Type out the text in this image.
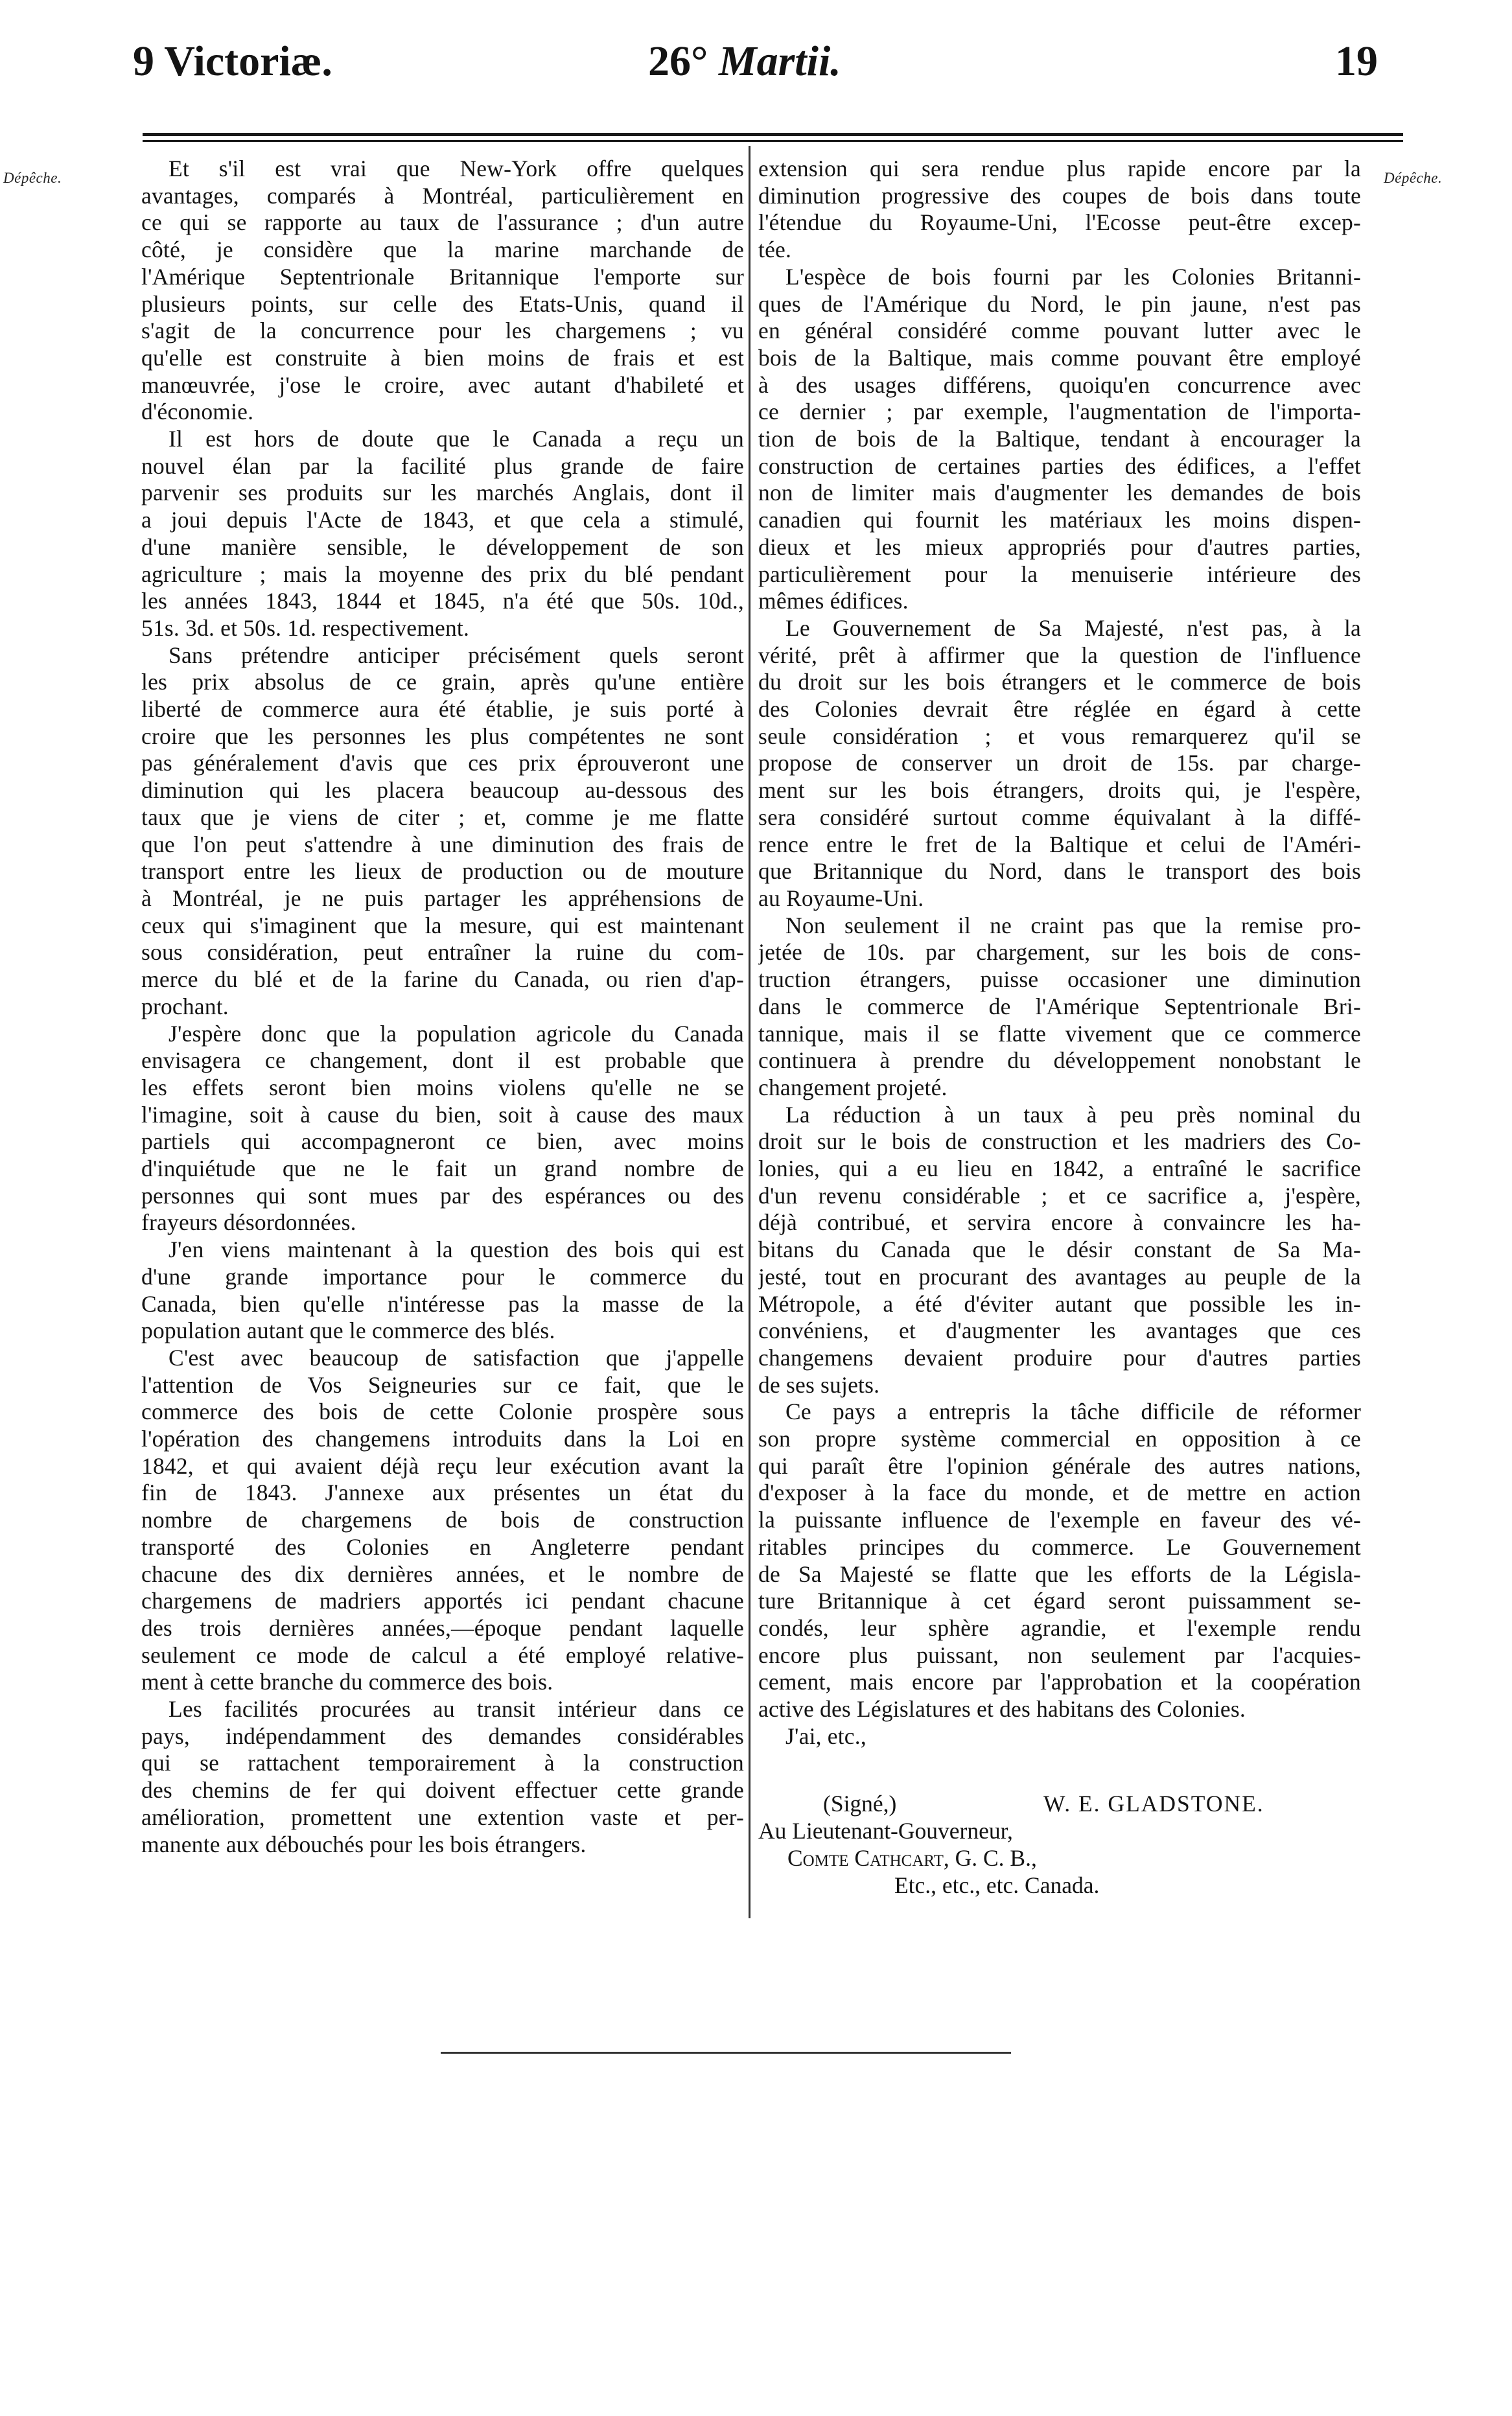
9 Victoriæ.	26° Martii.	19
Dépêche.	Dépêche.
Et s'il est vrai que New-York offre quelques
avantages, comparés à Montréal, particulièrement en
ce qui se rapporte au taux de l'assurance ; d'un autre
côté, je considère que la marine marchande de
l'Amérique Septentrionale Britannique l'emporte sur
plusieurs points, sur celle des Etats-Unis, quand il
s'agit de la concurrence pour les chargemens ; vu
qu'elle est construite à bien moins de frais et est
manœuvrée, j'ose le croire, avec autant d'habileté et
d'économie.
Il est hors de doute que le Canada a reçu un
nouvel élan par la facilité plus grande de faire
parvenir ses produits sur les marchés Anglais, dont il
a joui depuis l'Acte de 1843, et que cela a stimulé,
d'une manière sensible, le développement de son
agriculture ; mais la moyenne des prix du blé pendant
les années 1843, 1844 et 1845, n'a été que 50s. 10d.,
51s. 3d. et 50s. 1d. respectivement.
Sans prétendre anticiper précisément quels seront
les prix absolus de ce grain, après qu'une entière
liberté de commerce aura été établie, je suis porté à
croire que les personnes les plus compétentes ne sont
pas généralement d'avis que ces prix éprouveront une
diminution qui les placera beaucoup au-dessous des
taux que je viens de citer ; et, comme je me flatte
que l'on peut s'attendre à une diminution des frais de
transport entre les lieux de production ou de mouture
à Montréal, je ne puis partager les appréhensions de
ceux qui s'imaginent que la mesure, qui est maintenant
sous considération, peut entraîner la ruine du com-
merce du blé et de la farine du Canada, ou rien d'ap-
prochant.
J'espère donc que la population agricole du Canada
envisagera ce changement, dont il est probable que
les effets seront bien moins violens qu'elle ne se
l'imagine, soit à cause du bien, soit à cause des maux
partiels qui accompagneront ce bien, avec moins
d'inquiétude que ne le fait un grand nombre de
personnes qui sont mues par des espérances ou des
frayeurs désordonnées.
J'en viens maintenant à la question des bois qui est
d'une grande importance pour le commerce du
Canada, bien qu'elle n'intéresse pas la masse de la
population autant que le commerce des blés.
C'est avec beaucoup de satisfaction que j'appelle
l'attention de Vos Seigneuries sur ce fait, que le
commerce des bois de cette Colonie prospère sous
l'opération des changemens introduits dans la Loi en
1842, et qui avaient déjà reçu leur exécution avant la
fin de 1843. J'annexe aux présentes un état du
nombre de chargemens de bois de construction
transporté des Colonies en Angleterre pendant
chacune des dix dernières années, et le nombre de
chargemens de madriers apportés ici pendant chacune
des trois dernières années,—époque pendant laquelle
seulement ce mode de calcul a été employé relative-
ment à cette branche du commerce des bois.
Les facilités procurées au transit intérieur dans ce
pays, indépendamment des demandes considérables
qui se rattachent temporairement à la construction
des chemins de fer qui doivent effectuer cette grande
amélioration, promettent une extention vaste et per-
manente aux débouchés pour les bois étrangers.
extension qui sera rendue plus rapide encore par la
diminution progressive des coupes de bois dans toute
l'étendue du Royaume-Uni, l'Ecosse peut-être excep-
tée.
L'espèce de bois fourni par les Colonies Britanni-
ques de l'Amérique du Nord, le pin jaune, n'est pas
en général considéré comme pouvant lutter avec le
bois de la Baltique, mais comme pouvant être employé
à des usages différens, quoiqu'en concurrence avec
ce dernier ; par exemple, l'augmentation de l'importa-
tion de bois de la Baltique, tendant à encourager la
construction de certaines parties des édifices, a l'effet
non de limiter mais d'augmenter les demandes de bois
canadien qui fournit les matériaux les moins dispen-
dieux et les mieux appropriés pour d'autres parties,
particulièrement pour la menuiserie intérieure des
mêmes édifices.
Le Gouvernement de Sa Majesté, n'est pas, à la
vérité, prêt à affirmer que la question de l'influence
du droit sur les bois étrangers et le commerce de bois
des Colonies devrait être réglée en égard à cette
seule considération ; et vous remarquerez qu'il se
propose de conserver un droit de 15s. par charge-
ment sur les bois étrangers, droits qui, je l'espère,
sera considéré surtout comme équivalant à la diffé-
rence entre le fret de la Baltique et celui de l'Améri-
que Britannique du Nord, dans le transport des bois
au Royaume-Uni.
Non seulement il ne craint pas que la remise pro-
jetée de 10s. par chargement, sur les bois de cons-
truction étrangers, puisse occasioner une diminution
dans le commerce de l'Amérique Septentrionale Bri-
tannique, mais il se flatte vivement que ce commerce
continuera à prendre du développement nonobstant le
changement projeté.
La réduction à un taux à peu près nominal du
droit sur le bois de construction et les madriers des Co-
lonies, qui a eu lieu en 1842, a entraîné le sacrifice
d'un revenu considérable ; et ce sacrifice a, j'espère,
déjà contribué, et servira encore à convaincre les ha-
bitans du Canada que le désir constant de Sa Ma-
jesté, tout en procurant des avantages au peuple de la
Métropole, a été d'éviter autant que possible les in-
convéniens, et d'augmenter les avantages que ces
changemens devaient produire pour d'autres parties
de ses sujets.
Ce pays a entrepris la tâche difficile de réformer
son propre système commercial en opposition à ce
qui paraît être l'opinion générale des autres nations,
d'exposer à la face du monde, et de mettre en action
la puissante influence de l'exemple en faveur des vé-
ritables principes du commerce. Le Gouvernement
de Sa Majesté se flatte que les efforts de la Législa-
ture Britannique à cet égard seront puissamment se-
condés, leur sphère agrandie, et l'exemple rendu
encore plus puissant, non seulement par l'acquies-
cement, mais encore par l'approbation et la coopération
active des Législatures et des habitans des Colonies.
J'ai, etc.,
(Signé,)	W. E. GLADSTONE.
Au Lieutenant-Gouverneur,
Comte Cathcart, G. C. B.,
Etc., etc., etc. Canada.
